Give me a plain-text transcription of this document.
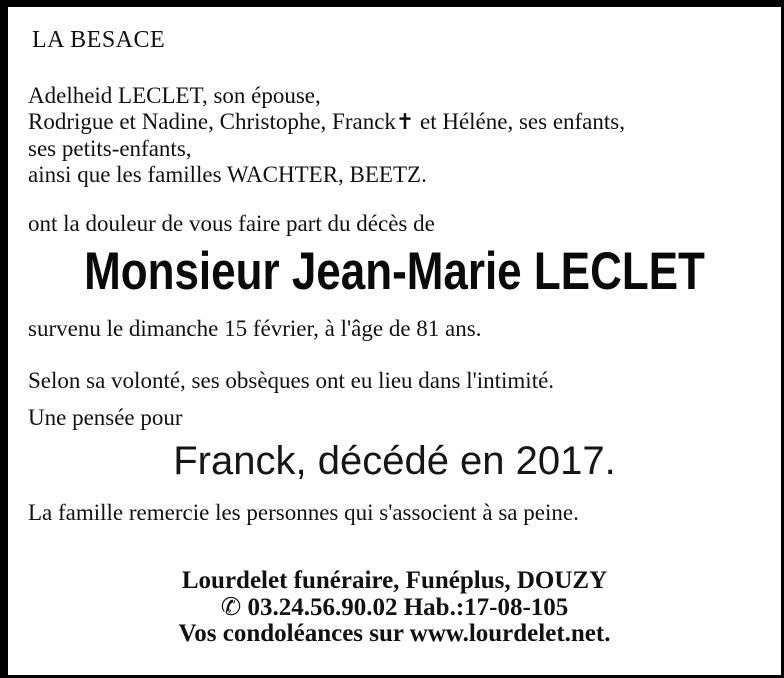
LA BESACE
Adelheid LECLET, son épouse,
Rodrigue et Nadine, Christophe, Franck✝ et Héléne, ses enfants,
ses petits-enfants,
ainsi que les familles WACHTER, BEETZ.
ont la douleur de vous faire part du décès de
Monsieur Jean-Marie LECLET
survenu le dimanche 15 février, à l'âge de 81 ans.
Selon sa volonté, ses obsèques ont eu lieu dans l'intimité.
Une pensée pour
Franck, décédé en 2017.
La famille remercie les personnes qui s'associent à sa peine.
Lourdelet funéraire, Funéplus, DOUZY
✆ 03.24.56.90.02 Hab.:17-08-105
Vos condoléances sur www.lourdelet.net.
